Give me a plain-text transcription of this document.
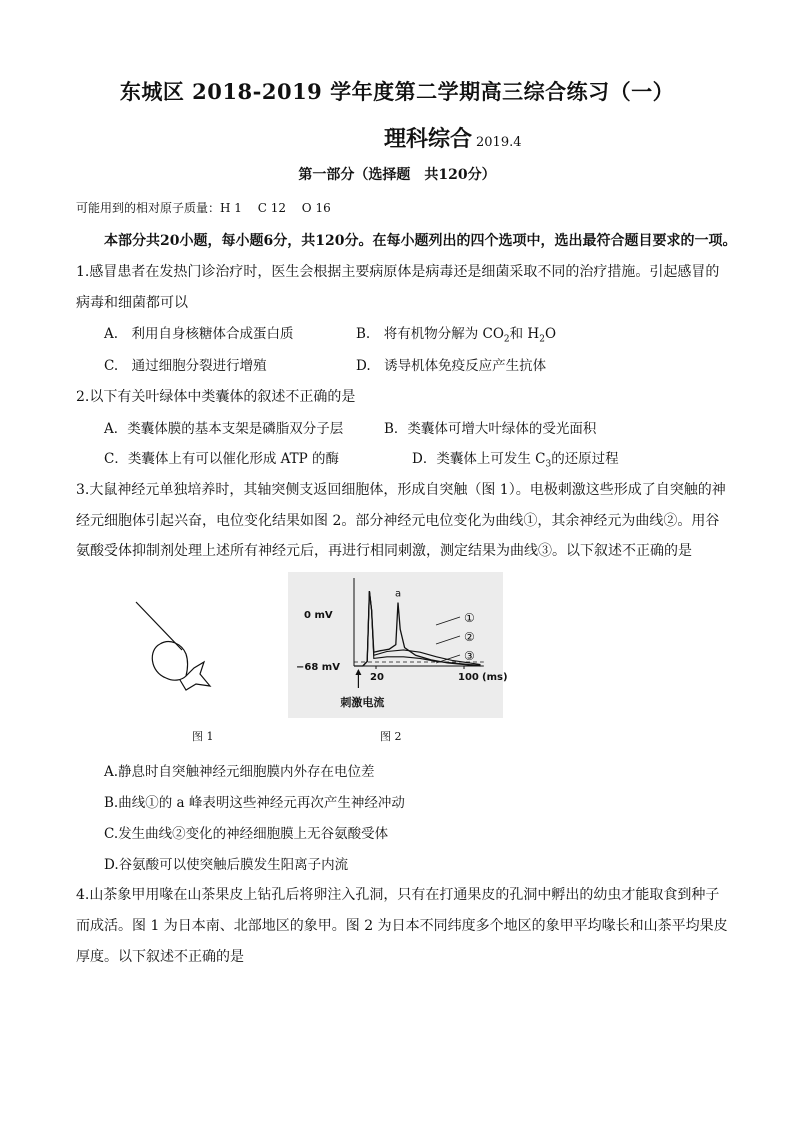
东城区 2018-2019 学年度第二学期高三综合练习（一）
理科综合 2019.4
第一部分（选择题　共120分）
可能用到的相对原子质量：H 1　 C 12　 O 16
本部分共20小题，每小题6分，共120分。在每小题列出的四个选项中，选出最符合题目要求的一项。
1.感冒患者在发热门诊治疗时，医生会根据主要病原体是病毒还是细菌采取不同的治疗措施。引起感冒的
病毒和细菌都可以
A.　利用自身核糖体合成蛋白质	B.　将有机物分解为 $CO_2$和 $H_2O$
C.　通过细胞分裂进行增殖	D.　诱导机体免疫反应产生抗体
2.以下有关叶绿体中类囊体的叙述不正确的是
A．类囊体膜的基本支架是磷脂双分子层	B．类囊体可增大叶绿体的受光面积
C．类囊体上有可以催化形成 ATP 的酶	D．类囊体上可发生 $C_3$的还原过程
3.大鼠神经元单独培养时，其轴突侧支返回细胞体，形成自突触（图 1）。电极刺激这些形成了自突触的神
经元细胞体引起兴奋，电位变化结果如图 2。部分神经元电位变化为曲线①，其余神经元为曲线②。用谷
氨酸受体抑制剂处理上述所有神经元后，再进行相同刺激，测定结果为曲线③。以下叙述不正确的是
图 1
20	100 (ms)
0 mV
−68 mV
①
②
③
a
刺激电流
图 2
A.静息时自突触神经元细胞膜内外存在电位差
B.曲线①的 a 峰表明这些神经元再次产生神经冲动
C.发生曲线②变化的神经细胞膜上无谷氨酸受体
D.谷氨酸可以使突触后膜发生阳离子内流
4.山茶象甲用喙在山茶果皮上钻孔后将卵注入孔洞，只有在打通果皮的孔洞中孵出的幼虫才能取食到种子
而成活。图 1 为日本南、北部地区的象甲。图 2 为日本不同纬度多个地区的象甲平均喙长和山茶平均果皮
厚度。以下叙述不正确的是
